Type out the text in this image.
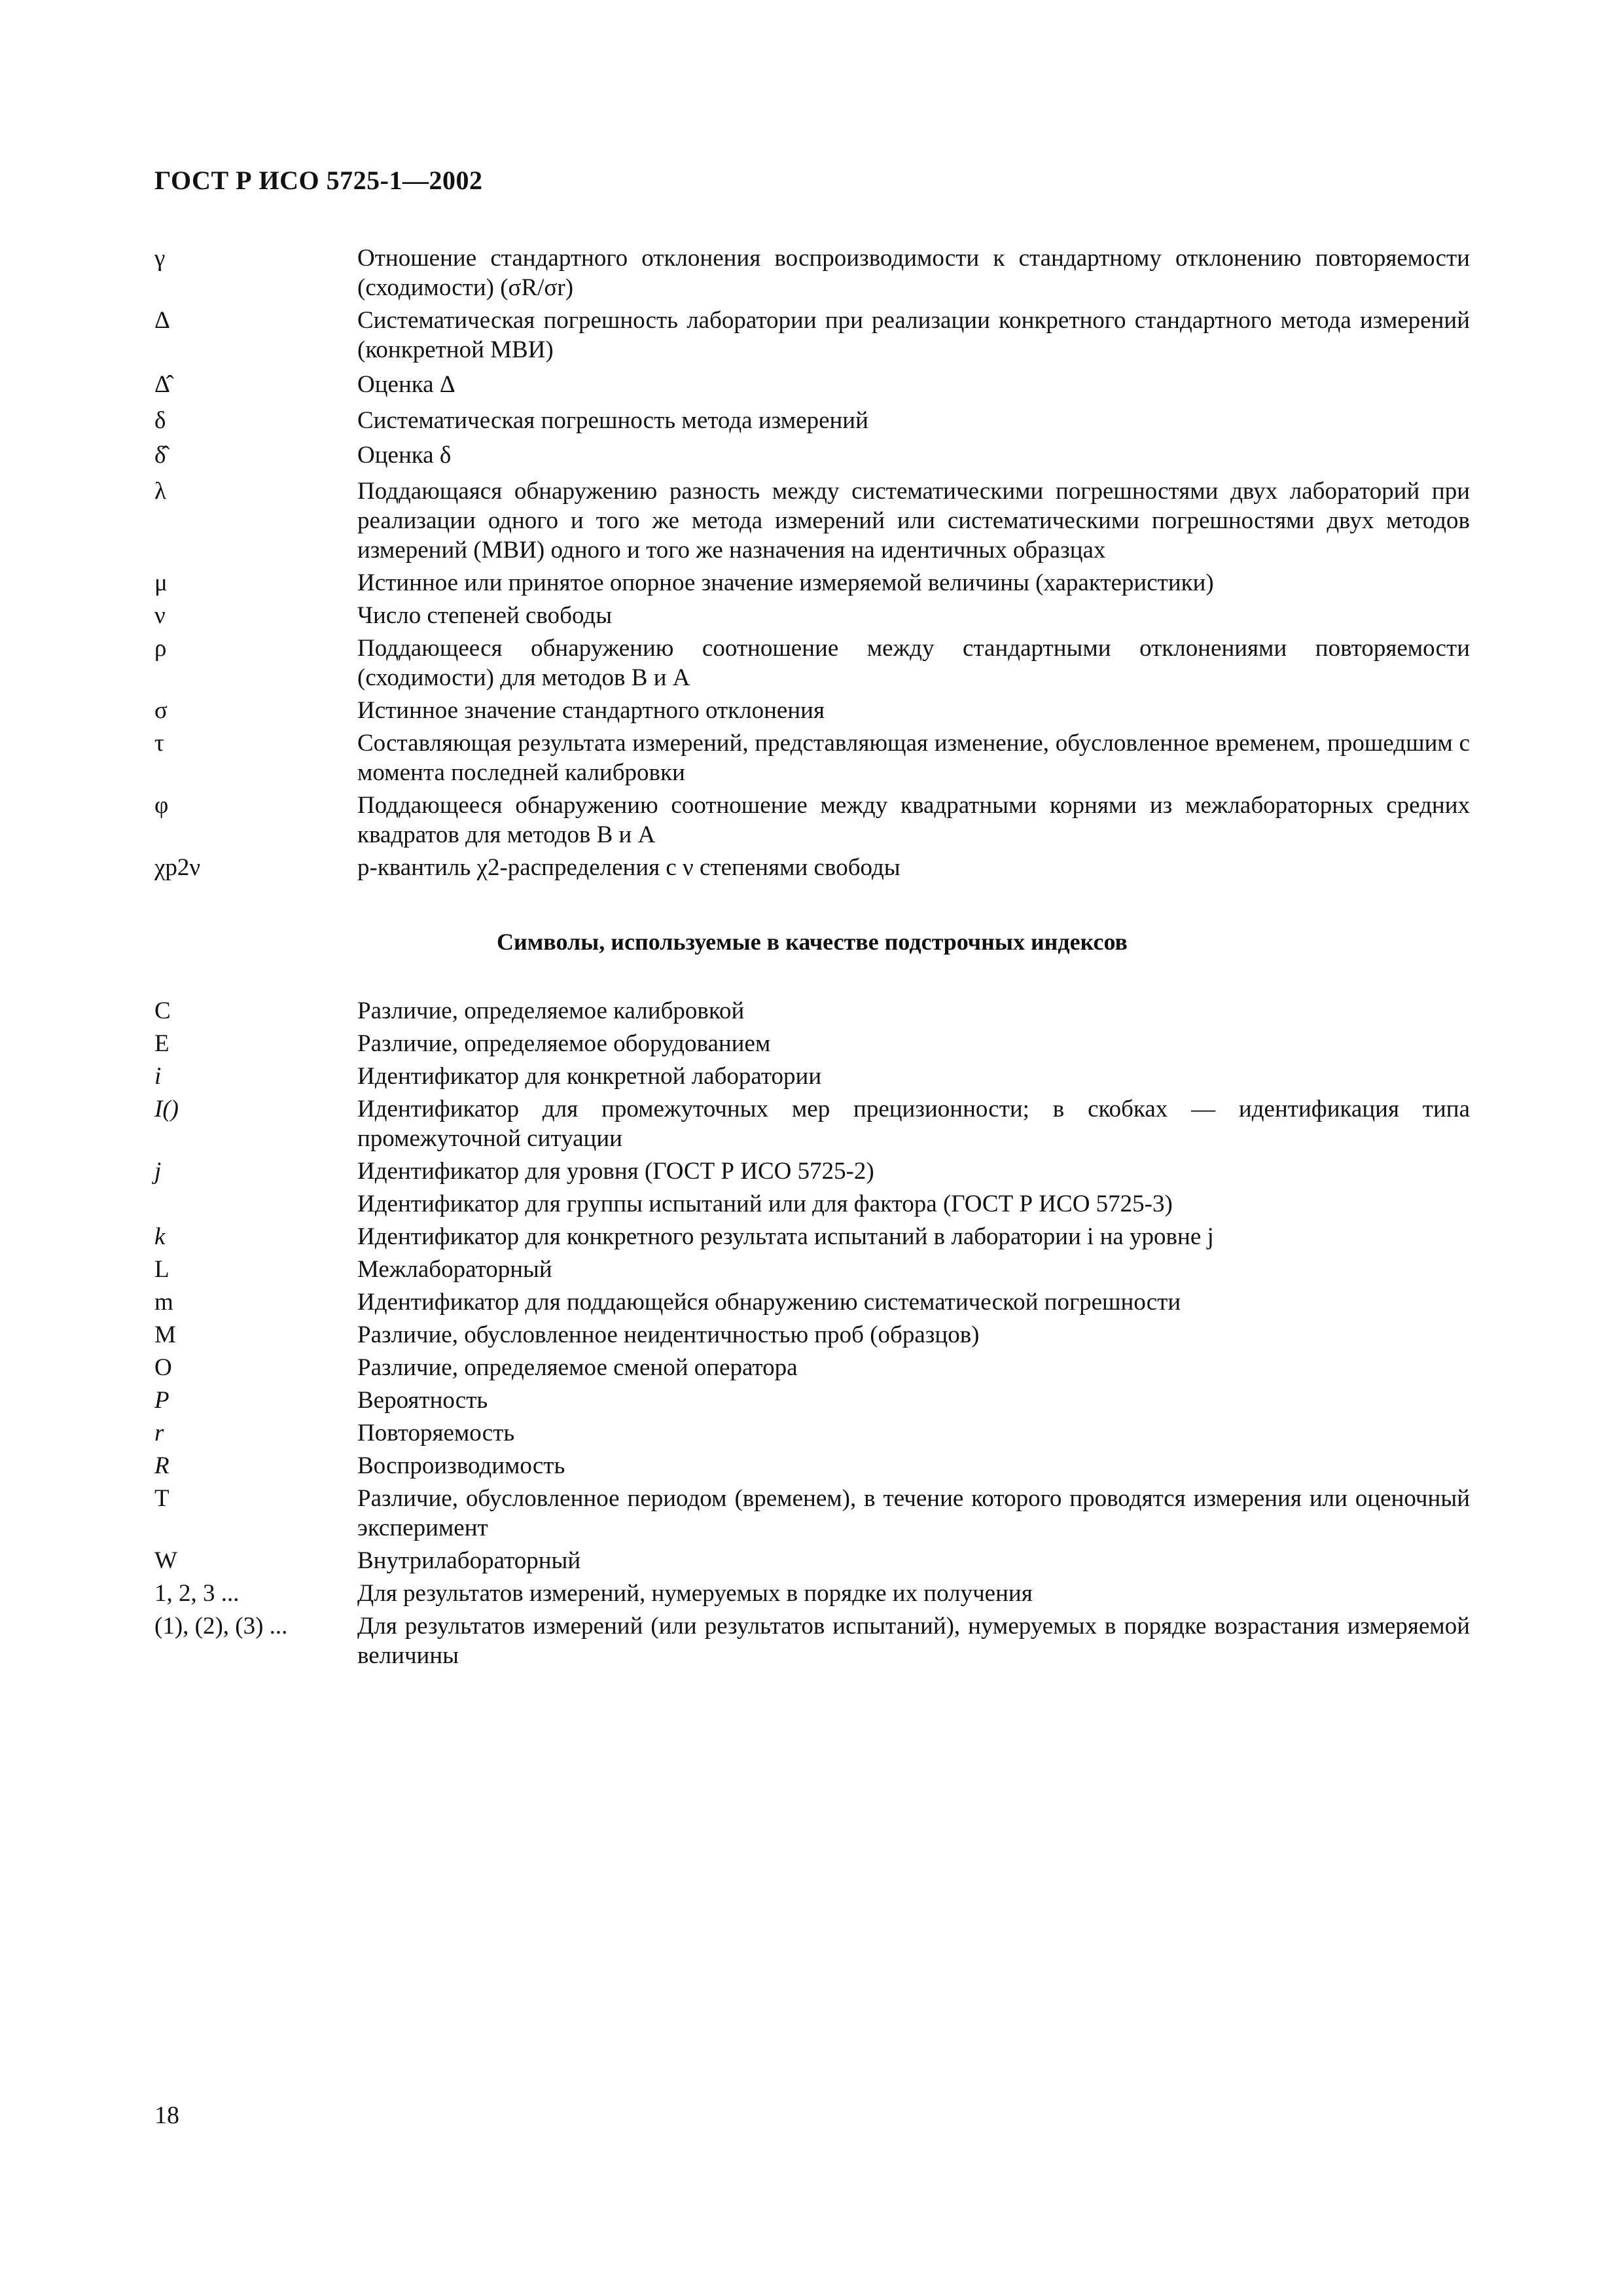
ГОСТ Р ИСО 5725-1—2002
γ	Отношение стандартного отклонения воспроизводимости к стандартному отклонению повторяемости (сходимости) (σR/σr)
Δ	Систематическая погрешность лаборатории при реализации конкретного стандартного метода измерений (конкретной МВИ)
Δ̂	Оценка Δ
δ	Систематическая погрешность метода измерений
δ̂	Оценка δ
λ	Поддающаяся обнаружению разность между систематическими погрешностями двух лабораторий при реализации одного и того же метода измерений или систематическими погрешностями двух методов измерений (МВИ) одного и того же назначения на идентичных образцах
μ	Истинное или принятое опорное значение измеряемой величины (характеристики)
ν	Число степеней свободы
ρ	Поддающееся обнаружению соотношение между стандартными отклонениями повторяемости (сходимости) для методов В и А
σ	Истинное значение стандартного отклонения
τ	Составляющая результата измерений, представляющая изменение, обусловленное временем, прошедшим с момента последней калибровки
φ	Поддающееся обнаружению соотношение между квадратными корнями из межлабораторных средних квадратов для методов В и А
χp2ν	p-квантиль χ2-распределения с ν степенями свободы
Символы, используемые в качестве подстрочных индексов
C	Различие, определяемое калибровкой
E	Различие, определяемое оборудованием
i	Идентификатор для конкретной лаборатории
I()	Идентификатор для промежуточных мер прецизионности; в скобках — идентификация типа промежуточной ситуации
j	Идентификатор для уровня (ГОСТ Р ИСО 5725-2)
Идентификатор для группы испытаний или для фактора (ГОСТ Р ИСО 5725-3)
k	Идентификатор для конкретного результата испытаний в лаборатории i на уровне j
L	Межлабораторный
m	Идентификатор для поддающейся обнаружению систематической погрешности
M	Различие, обусловленное неидентичностью проб (образцов)
O	Различие, определяемое сменой оператора
P	Вероятность
r	Повторяемость
R	Воспроизводимость
T	Различие, обусловленное периодом (временем), в течение которого проводятся измерения или оценочный эксперимент
W	Внутрилабораторный
1, 2, 3 ...	Для результатов измерений, нумеруемых в порядке их получения
(1), (2), (3) ...	Для результатов измерений (или результатов испытаний), нумеруемых в порядке возрастания измеряемой величины
18
